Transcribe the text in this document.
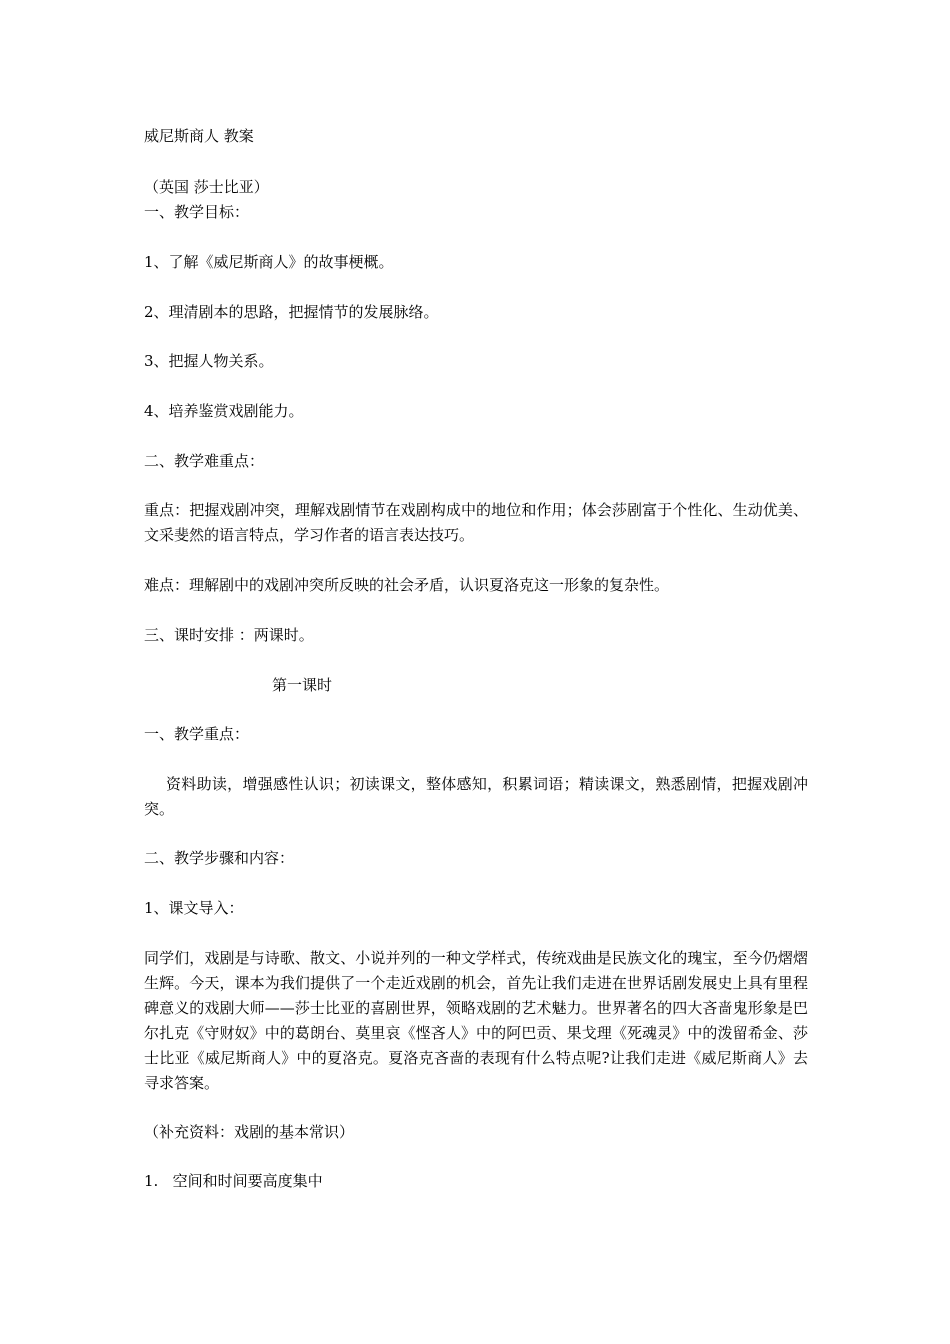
威尼斯商人 教案

（英国 莎士比亚）

一、教学目标：

1、了解《威尼斯商人》的故事梗概。

2、理清剧本的思路，把握情节的发展脉络。

3、把握人物关系。

4、培养鉴赏戏剧能力。

二、教学难重点：

重点：把握戏剧冲突，理解戏剧情节在戏剧构成中的地位和作用；体会莎剧富于个性化、生动优美、文采斐然的语言特点，学习作者的语言表达技巧。

难点：理解剧中的戏剧冲突所反映的社会矛盾，认识夏洛克这一形象的复杂性。

三、课时安排 ：两课时。

第一课时

一、教学重点：

资料助读，增强感性认识；初读课文，整体感知，积累词语；精读课文，熟悉剧情，把握戏剧冲突。

二、教学步骤和内容：

1、课文导入：

同学们，戏剧是与诗歌、散文、小说并列的一种文学样式，传统戏曲是民族文化的瑰宝，至今仍熠熠生辉。今天，课本为我们提供了一个走近戏剧的机会，首先让我们走进在世界话剧发展史上具有里程碑意义的戏剧大师——莎士比亚的喜剧世界，领略戏剧的艺术魅力。世界著名的四大吝啬鬼形象是巴尔扎克《守财奴》中的葛朗台、莫里哀《悭吝人》中的阿巴贡、果戈理《死魂灵》中的泼留希金、莎士比亚《威尼斯商人》中的夏洛克。夏洛克吝啬的表现有什么特点呢?让我们走进《威尼斯商人》去寻求答案。

（补充资料：戏剧的基本常识）

1.   空间和时间要高度集中
